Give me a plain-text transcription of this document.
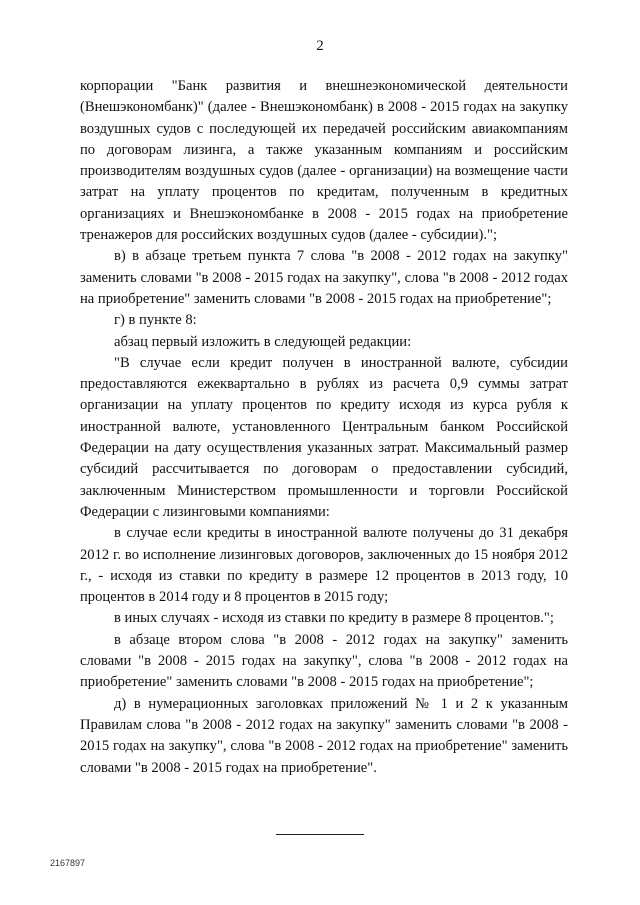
2

корпорации "Банк развития и внешнеэкономической деятельности (Внешэкономбанк)" (далее - Внешэкономбанк) в 2008 - 2015 годах на закупку воздушных судов с последующей их передачей российским авиакомпаниям по договорам лизинга, а также указанным компаниям и российским производителям воздушных судов (далее - организации) на возмещение части затрат на уплату процентов по кредитам, полученным в кредитных организациях и Внешэкономбанке в 2008 - 2015 годах на приобретение тренажеров для российских воздушных судов (далее - субсидии).";

в) в абзаце третьем пункта 7 слова "в 2008 - 2012 годах на закупку" заменить словами "в 2008 - 2015 годах на закупку", слова "в 2008 - 2012 годах на приобретение" заменить словами "в 2008 - 2015 годах на приобретение";

г) в пункте 8:

абзац первый изложить в следующей редакции:

"В случае если кредит получен в иностранной валюте, субсидии предоставляются ежеквартально в рублях из расчета 0,9 суммы затрат организации на уплату процентов по кредиту исходя из курса рубля к иностранной валюте, установленного Центральным банком Российской Федерации на дату осуществления указанных затрат. Максимальный размер субсидий рассчитывается по договорам о предоставлении субсидий, заключенным Министерством промышленности и торговли Российской Федерации с лизинговыми компаниями:

в случае если кредиты в иностранной валюте получены до 31 декабря 2012 г. во исполнение лизинговых договоров, заключенных до 15 ноября 2012 г., - исходя из ставки по кредиту в размере 12 процентов в 2013 году, 10 процентов в 2014 году и 8 процентов в 2015 году;

в иных случаях - исходя из ставки по кредиту в размере 8 процентов.";

в абзаце втором слова "в 2008 - 2012 годах на закупку" заменить словами "в 2008 - 2015 годах на закупку", слова "в 2008 - 2012 годах на приобретение" заменить словами "в 2008 - 2015 годах на приобретение";

д) в нумерационных заголовках приложений № 1 и 2 к указанным Правилам слова "в 2008 - 2012 годах на закупку" заменить словами "в 2008 - 2015 годах на закупку", слова "в 2008 - 2012 годах на приобретение" заменить словами "в 2008 - 2015 годах на приобретение".

2167897
